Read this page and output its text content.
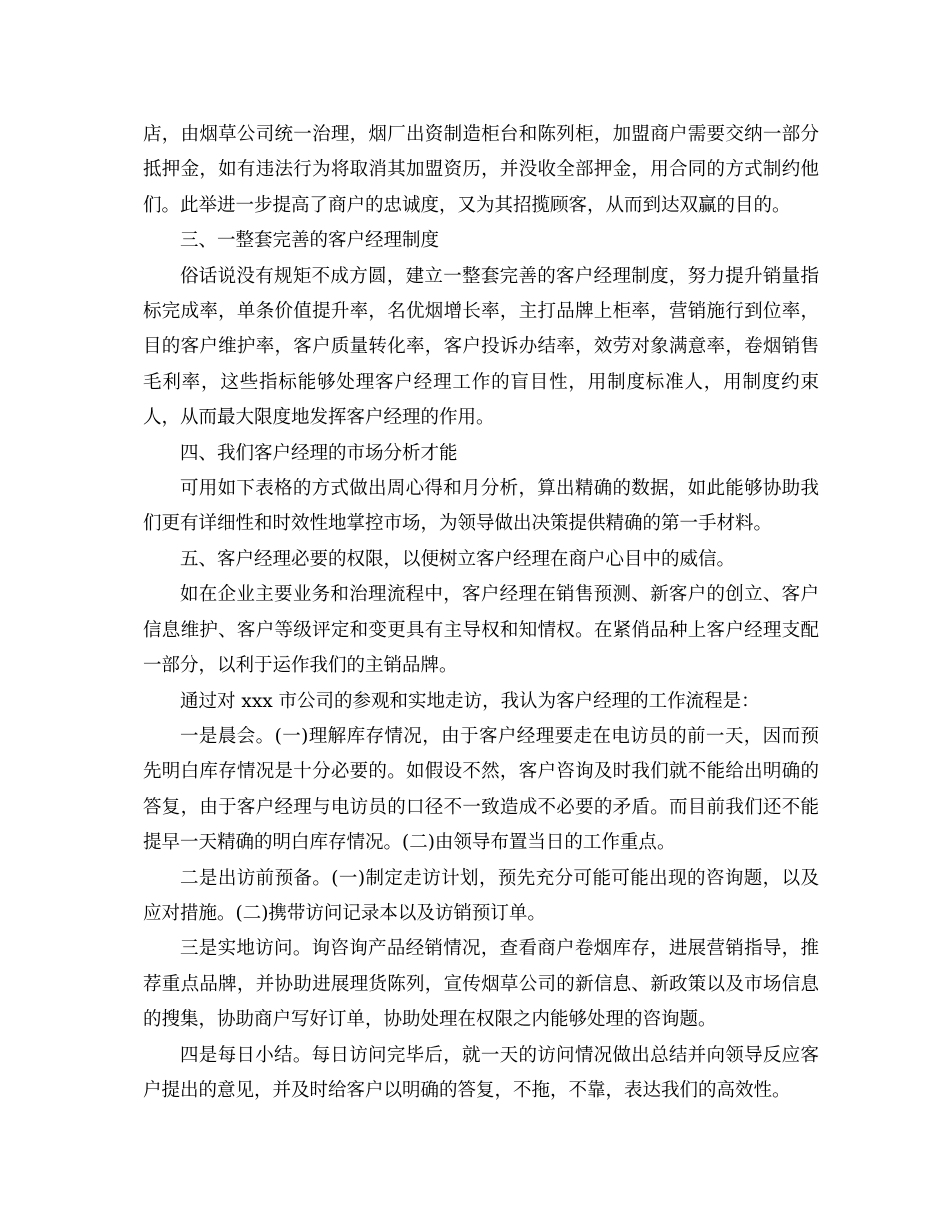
店，由烟草公司统一治理，烟厂出资制造柜台和陈列柜，加盟商户需要交纳一部分抵押金，如有违法行为将取消其加盟资历，并没收全部押金，用合同的方式制约他们。此举进一步提高了商户的忠诚度，又为其招揽顾客，从而到达双赢的目的。

三、一整套完善的客户经理制度

俗话说没有规矩不成方圆，建立一整套完善的客户经理制度，努力提升销量指标完成率，单条价值提升率，名优烟增长率，主打品牌上柜率，营销施行到位率，目的客户维护率，客户质量转化率，客户投诉办结率，效劳对象满意率，卷烟销售毛利率，这些指标能够处理客户经理工作的盲目性，用制度标准人，用制度约束人，从而最大限度地发挥客户经理的作用。

四、我们客户经理的市场分析才能

可用如下表格的方式做出周心得和月分析，算出精确的数据，如此能够协助我们更有详细性和时效性地掌控市场，为领导做出决策提供精确的第一手材料。

五、客户经理必要的权限，以便树立客户经理在商户心目中的威信。

如在企业主要业务和治理流程中，客户经理在销售预测、新客户的创立、客户信息维护、客户等级评定和变更具有主导权和知情权。在紧俏品种上客户经理支配一部分，以利于运作我们的主销品牌。

通过对 xxx 市公司的参观和实地走访，我认为客户经理的工作流程是：

一是晨会。(一)理解库存情况，由于客户经理要走在电访员的前一天，因而预先明白库存情况是十分必要的。如假设不然，客户咨询及时我们就不能给出明确的答复，由于客户经理与电访员的口径不一致造成不必要的矛盾。而目前我们还不能提早一天精确的明白库存情况。(二)由领导布置当日的工作重点。

二是出访前预备。(一)制定走访计划，预先充分可能可能出现的咨询题，以及应对措施。(二)携带访问记录本以及访销预订单。

三是实地访问。询咨询产品经销情况，查看商户卷烟库存，进展营销指导，推荐重点品牌，并协助进展理货陈列，宣传烟草公司的新信息、新政策以及市场信息的搜集，协助商户写好订单，协助处理在权限之内能够处理的咨询题。

四是每日小结。每日访问完毕后，就一天的访问情况做出总结并向领导反应客户提出的意见，并及时给客户以明确的答复，不拖，不靠，表达我们的高效性。
